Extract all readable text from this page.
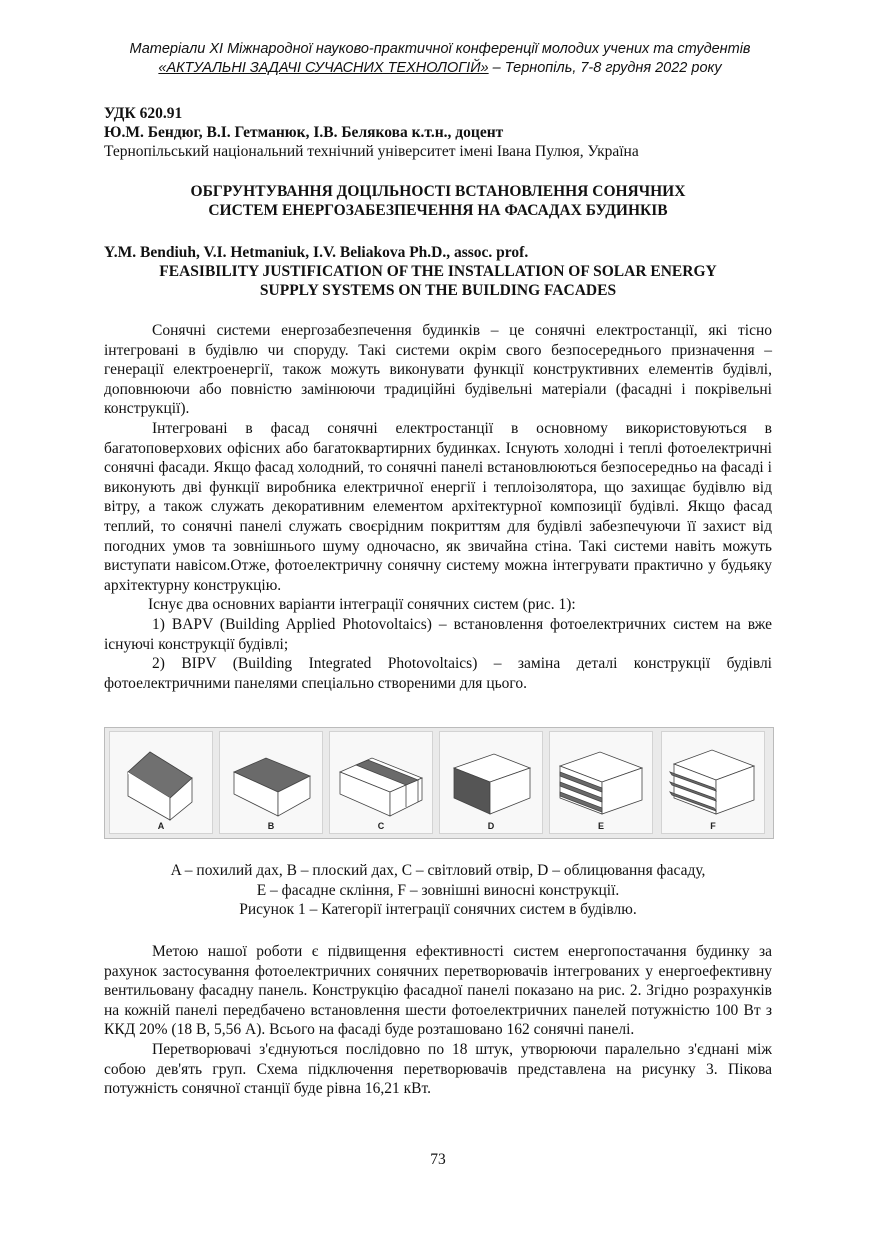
Матеріали XI Міжнародної науково-практичної конференції молодих учених та студентів
«АКТУАЛЬНІ ЗАДАЧІ СУЧАСНИХ ТЕХНОЛОГІЙ» – Тернопіль, 7-8 грудня 2022 року
УДК 620.91
Ю.М. Бендюг, В.І. Гетманюк, І.В. Белякова к.т.н., доцент
Тернопільський національний технічний університет імені Івана Пулюя, Україна
ОБГРУНТУВАННЯ ДОЦІЛЬНОСТІ ВСТАНОВЛЕННЯ СОНЯЧНИХ
СИСТЕМ ЕНЕРГОЗАБЕЗПЕЧЕННЯ НА ФАСАДАХ БУДИНКІВ
Y.M. Bendiuh, V.I. Hetmaniuk, I.V. Beliakova Ph.D., assoc. prof.
FEASIBILITY JUSTIFICATION OF THE INSTALLATION OF SOLAR ENERGY
SUPPLY SYSTEMS ON THE BUILDING FACADES

Сонячні системи енергозабезпечення будинків – це сонячні електростанції, які тісно інтегровані в будівлю чи споруду. Такі системи окрім свого безпосереднього призначення – генерації електроенергії, також можуть виконувати функції конструктивних елементів будівлі, доповнюючи або повністю замінюючи традиційні будівельні матеріали (фасадні і покрівельні конструкції).

Інтегровані в фасад сонячні електростанції в основному використовуються в багатоповерхових офісних або багатоквартирних будинках. Існують холодні і теплі фотоелектричні сонячні фасади. Якщо фасад холодний, то сонячні панелі встановлюються безпосередньо на фасаді і виконують дві функції виробника електричної енергії і теплоізолятора, що захищає будівлю від вітру, а також служать декоративним елементом архітектурної композиції будівлі. Якщо фасад теплий, то сонячні панелі служать своєрідним покриттям для будівлі забезпечуючи її захист від погодних умов та зовнішнього шуму одночасно, як звичайна стіна. Такі системи навіть можуть виступати навісом.Отже, фотоелектричну сонячну систему можна інтегрувати практично у будьяку архітектурну конструкцію.

Існує два основних варіанти інтеграції сонячних систем (рис. 1):

1) BAPV (Building Applied Photovoltaics) – встановлення фотоелектричних систем на вже існуючі конструкції будівлі;

2) BIPV (Building Integrated Photovoltaics) – заміна деталі конструкції будівлі фотоелектричними панелями спеціально створеними для цього.

A	B	C	D	E	F
A – похилий дах, B – плоский дах, C – світловий отвір, D – облицювання фасаду,
E – фасадне скління, F – зовнішні виносні конструкції.
Рисунок 1 – Категорії інтеграції сонячних систем в будівлю.

Метою нашої роботи є підвищення ефективності систем енергопостачання будинку за рахунок застосування фотоелектричних сонячних перетворювачів інтегрованих у енергоефективну вентильовану фасадну панель. Конструкцію фасадної панелі показано на рис. 2. Згідно розрахунків на кожній панелі передбачено встановлення шести фотоелектричних панелей потужністю 100 Вт з ККД 20% (18 В, 5,56 А). Всього на фасаді буде розташовано 162 сонячні панелі.

Перетворювачі з'єднуються послідовно по 18 штук, утворюючи паралельно з'єднані між собою дев'ять груп. Схема підключення перетворювачів представлена на рисунку 3. Пікова потужність сонячної станції буде рівна 16,21 кВт.

73
